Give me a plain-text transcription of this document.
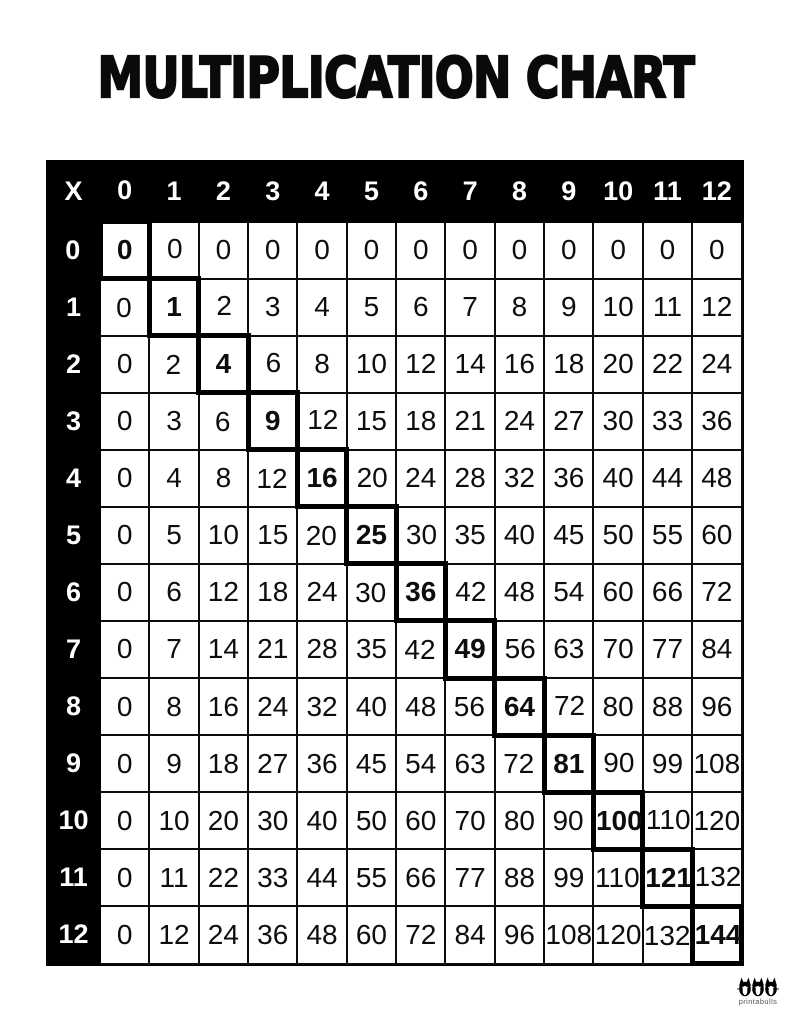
MULTIPLICATION CHART
X	0	1	2	3	4	5	6	7	8	9	10	11	12
0	0	0	0	0	0	0	0	0	0	0	0	0	0
1	0	1	2	3	4	5	6	7	8	9	10	11	12
2	0	2	4	6	8	10	12	14	16	18	20	22	24
3	0	3	6	9	12	15	18	21	24	27	30	33	36
4	0	4	8	12	16	20	24	28	32	36	40	44	48
5	0	5	10	15	20	25	30	35	40	45	50	55	60
6	0	6	12	18	24	30	36	42	48	54	60	66	72
7	0	7	14	21	28	35	42	49	56	63	70	77	84
8	0	8	16	24	32	40	48	56	64	72	80	88	96
9	0	9	18	27	36	45	54	63	72	81	90	99	108
10	0	10	20	30	40	50	60	70	80	90	100	110	120
11	0	11	22	33	44	55	66	77	88	99	110	121	132
12	0	12	24	36	48	60	72	84	96	108	120	132	144
printabulls
